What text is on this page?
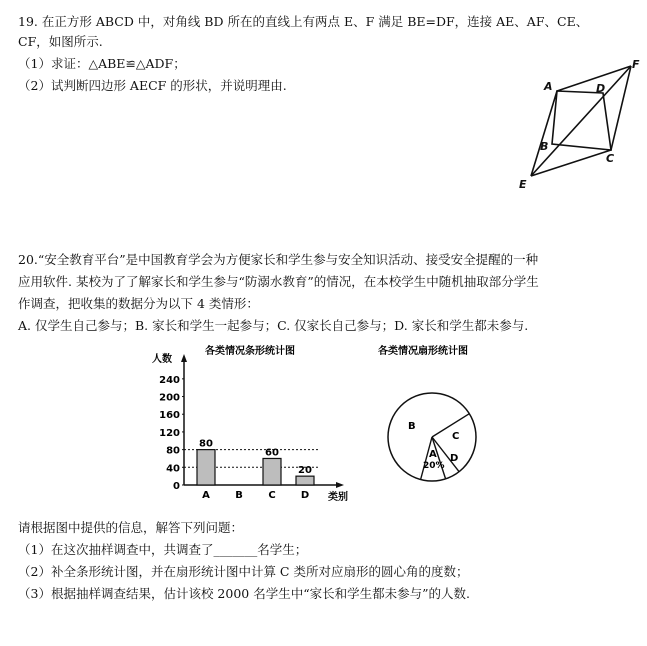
19. 在正方形 ABCD 中，对角线 BD 所在的直线上有两点 E、F 满足 BE=DF，连接 AE、AF、CE、
CF，如图所示.
（1）求证：△ABE≌△ADF；
（2）试判断四边形 AECF 的形状，并说明理由.	A
B
C
D
E
F
20.“安全教育平台”是中国教育学会为方便家长和学生参与安全知识活动、接受安全提醒的一种
应用软件. 某校为了了解家长和学生参与“防溺水教育”的情况，在本校学生中随机抽取部分学生
作调查，把收集的数据分为以下 4 类情形：
A. 仅学生自己参与；B. 家长和学生一起参与；C. 仅家长自己参与；D. 家长和学生都未参与.
各类情况条形统计图
人数
类别
0
40
80
120
160
200
240
A
80
B	C
60
D
20
各类情况扇形统计图
A
20%
B
C
D
请根据图中提供的信息，解答下列问题：
（1）在这次抽样调查中，共调查了_______名学生；
（2）补全条形统计图，并在扇形统计图中计算 C 类所对应扇形的圆心角的度数；
（3）根据抽样调查结果，估计该校 2000 名学生中“家长和学生都未参与”的人数.
